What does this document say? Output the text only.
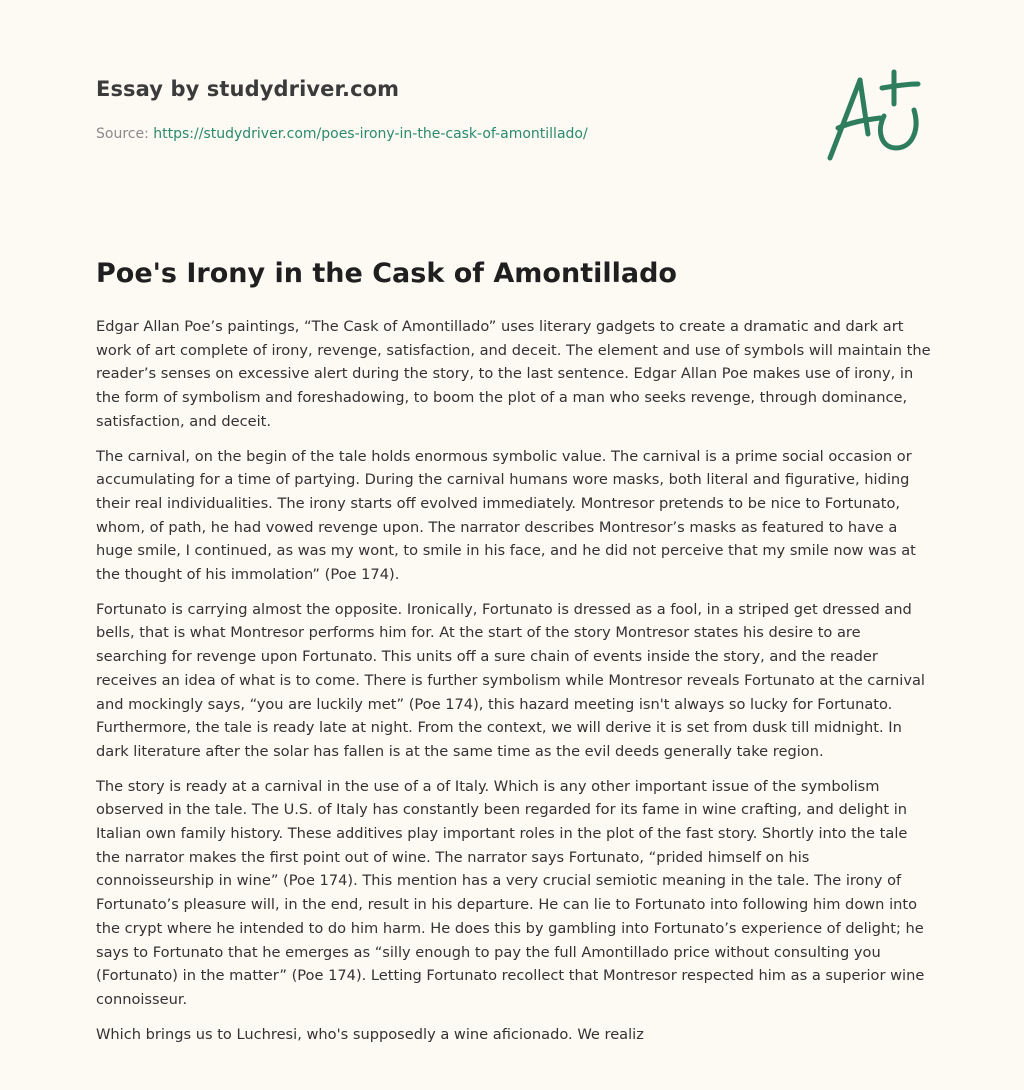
Essay by studydriver.com
Source: https://studydriver.com/poes-irony-in-the-cask-of-amontillado/
Poe's Irony in the Cask of Amontillado

Edgar Allan Poe’s paintings, “The Cask of Amontillado” uses literary gadgets to create a dramatic and dark art work of art complete of irony, revenge, satisfaction, and deceit. The element and use of symbols will maintain the reader’s senses on excessive alert during the story, to the last sentence. Edgar Allan Poe makes use of irony, in the form of symbolism and foreshadowing, to boom the plot of a man who seeks revenge, through dominance, satisfaction, and deceit.

The carnival, on the begin of the tale holds enormous symbolic value. The carnival is a prime social occasion or accumulating for a time of partying. During the carnival humans wore masks, both literal and figurative, hiding their real individualities. The irony starts off evolved immediately. Montresor pretends to be nice to Fortunato, whom, of path, he had vowed revenge upon. The narrator describes Montresor’s masks as featured to have a huge smile, I continued, as was my wont, to smile in his face, and he did not perceive that my smile now was at the thought of his immolation” (Poe 174).

Fortunato is carrying almost the opposite. Ironically, Fortunato is dressed as a fool, in a striped get dressed and bells, that is what Montresor performs him for. At the start of the story Montresor states his desire to are searching for revenge upon Fortunato. This units off a sure chain of events inside the story, and the reader receives an idea of what is to come. There is further symbolism while Montresor reveals Fortunato at the carnival and mockingly says, “you are luckily met” (Poe 174), this hazard meeting isn't always so lucky for Fortunato. Furthermore, the tale is ready late at night. From the context, we will derive it is set from dusk till midnight. In dark literature after the solar has fallen is at the same time as the evil deeds generally take region.

The story is ready at a carnival in the use of a of Italy. Which is any other important issue of the symbolism observed in the tale. The U.S. of Italy has constantly been regarded for its fame in wine crafting, and delight in Italian own family history. These additives play important roles in the plot of the fast story. Shortly into the tale the narrator makes the first point out of wine. The narrator says Fortunato, “prided himself on his connoisseurship in wine” (Poe 174). This mention has a very crucial semiotic meaning in the tale. The irony of Fortunato’s pleasure will, in the end, result in his departure. He can lie to Fortunato into following him down into the crypt where he intended to do him harm. He does this by gambling into Fortunato’s experience of delight; he says to Fortunato that he emerges as “silly enough to pay the full Amontillado price without consulting you (Fortunato) in the matter” (Poe 174). Letting Fortunato recollect that Montresor respected him as a superior wine connoisseur.

Which brings us to Luchresi, who's supposedly a wine aficionado. We realiz
